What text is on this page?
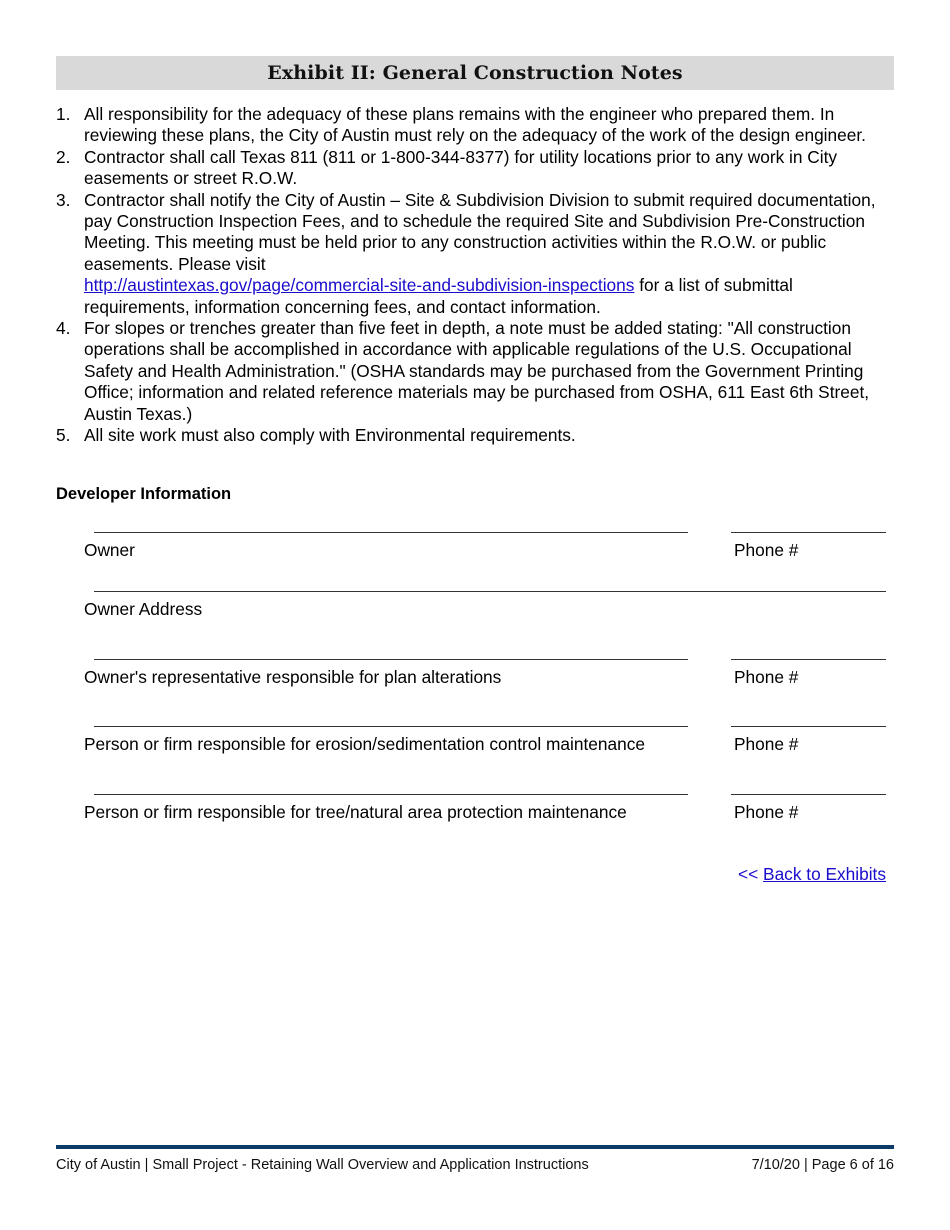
Exhibit II: General Construction Notes
1. All responsibility for the adequacy of these plans remains with the engineer who prepared them. In reviewing these plans, the City of Austin must rely on the adequacy of the work of the design engineer.
2. Contractor shall call Texas 811 (811 or 1-800-344-8377) for utility locations prior to any work in City easements or street R.O.W.
3. Contractor shall notify the City of Austin – Site & Subdivision Division to submit required documentation, pay Construction Inspection Fees, and to schedule the required Site and Subdivision Pre-Construction Meeting. This meeting must be held prior to any construction activities within the R.O.W. or public easements. Please visit
http://austintexas.gov/page/commercial-site-and-subdivision-inspections for a list of submittal requirements, information concerning fees, and contact information.
4. For slopes or trenches greater than five feet in depth, a note must be added stating: "All construction operations shall be accomplished in accordance with applicable regulations of the U.S. Occupational Safety and Health Administration." (OSHA standards may be purchased from the Government Printing Office; information and related reference materials may be purchased from OSHA, 611 East 6th Street, Austin Texas.)
5. All site work must also comply with Environmental requirements.
Developer Information
Owner	Phone #
Owner Address
Owner's representative responsible for plan alterations	Phone #
Person or firm responsible for erosion/sedimentation control maintenance	Phone #
Person or firm responsible for tree/natural area protection maintenance	Phone #
<< Back to Exhibits
City of Austin | Small Project - Retaining Wall Overview and Application Instructions	7/10/20 | Page 6 of 16
